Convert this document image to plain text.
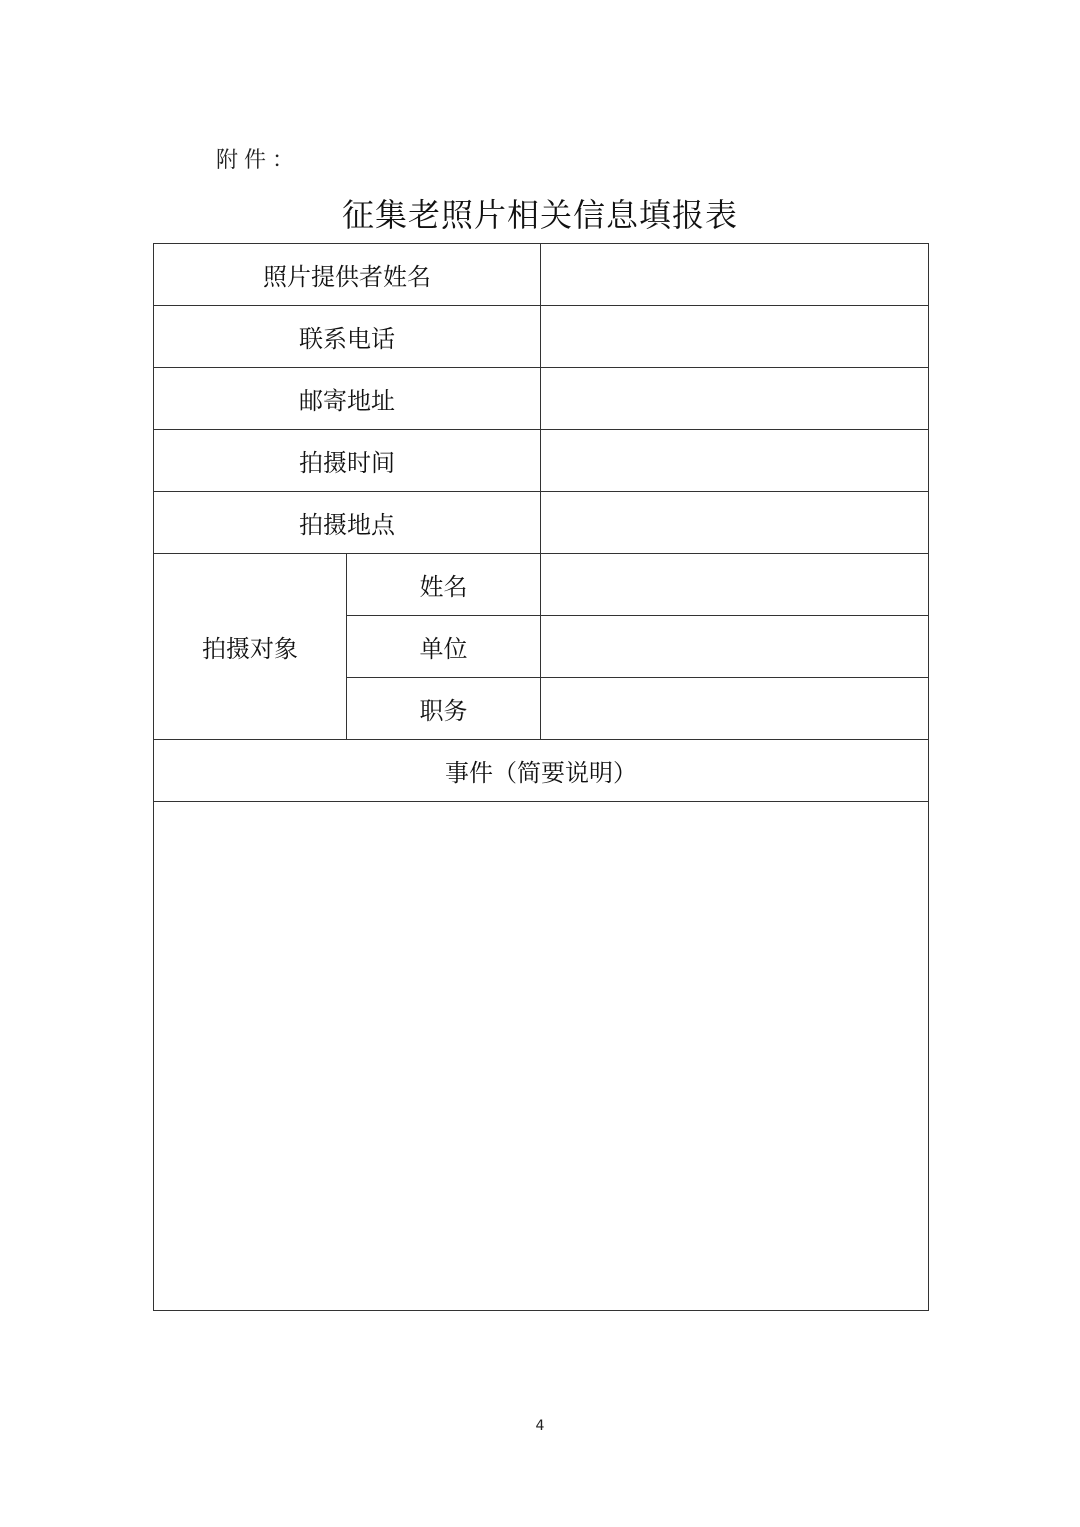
附件：
征集老照片相关信息填报表
照片提供者姓名		
联系电话		
邮寄地址		
拍摄时间		
拍摄地点		
拍摄对象	姓名	
	单位	
	职务	
事件（简要说明）		

4
